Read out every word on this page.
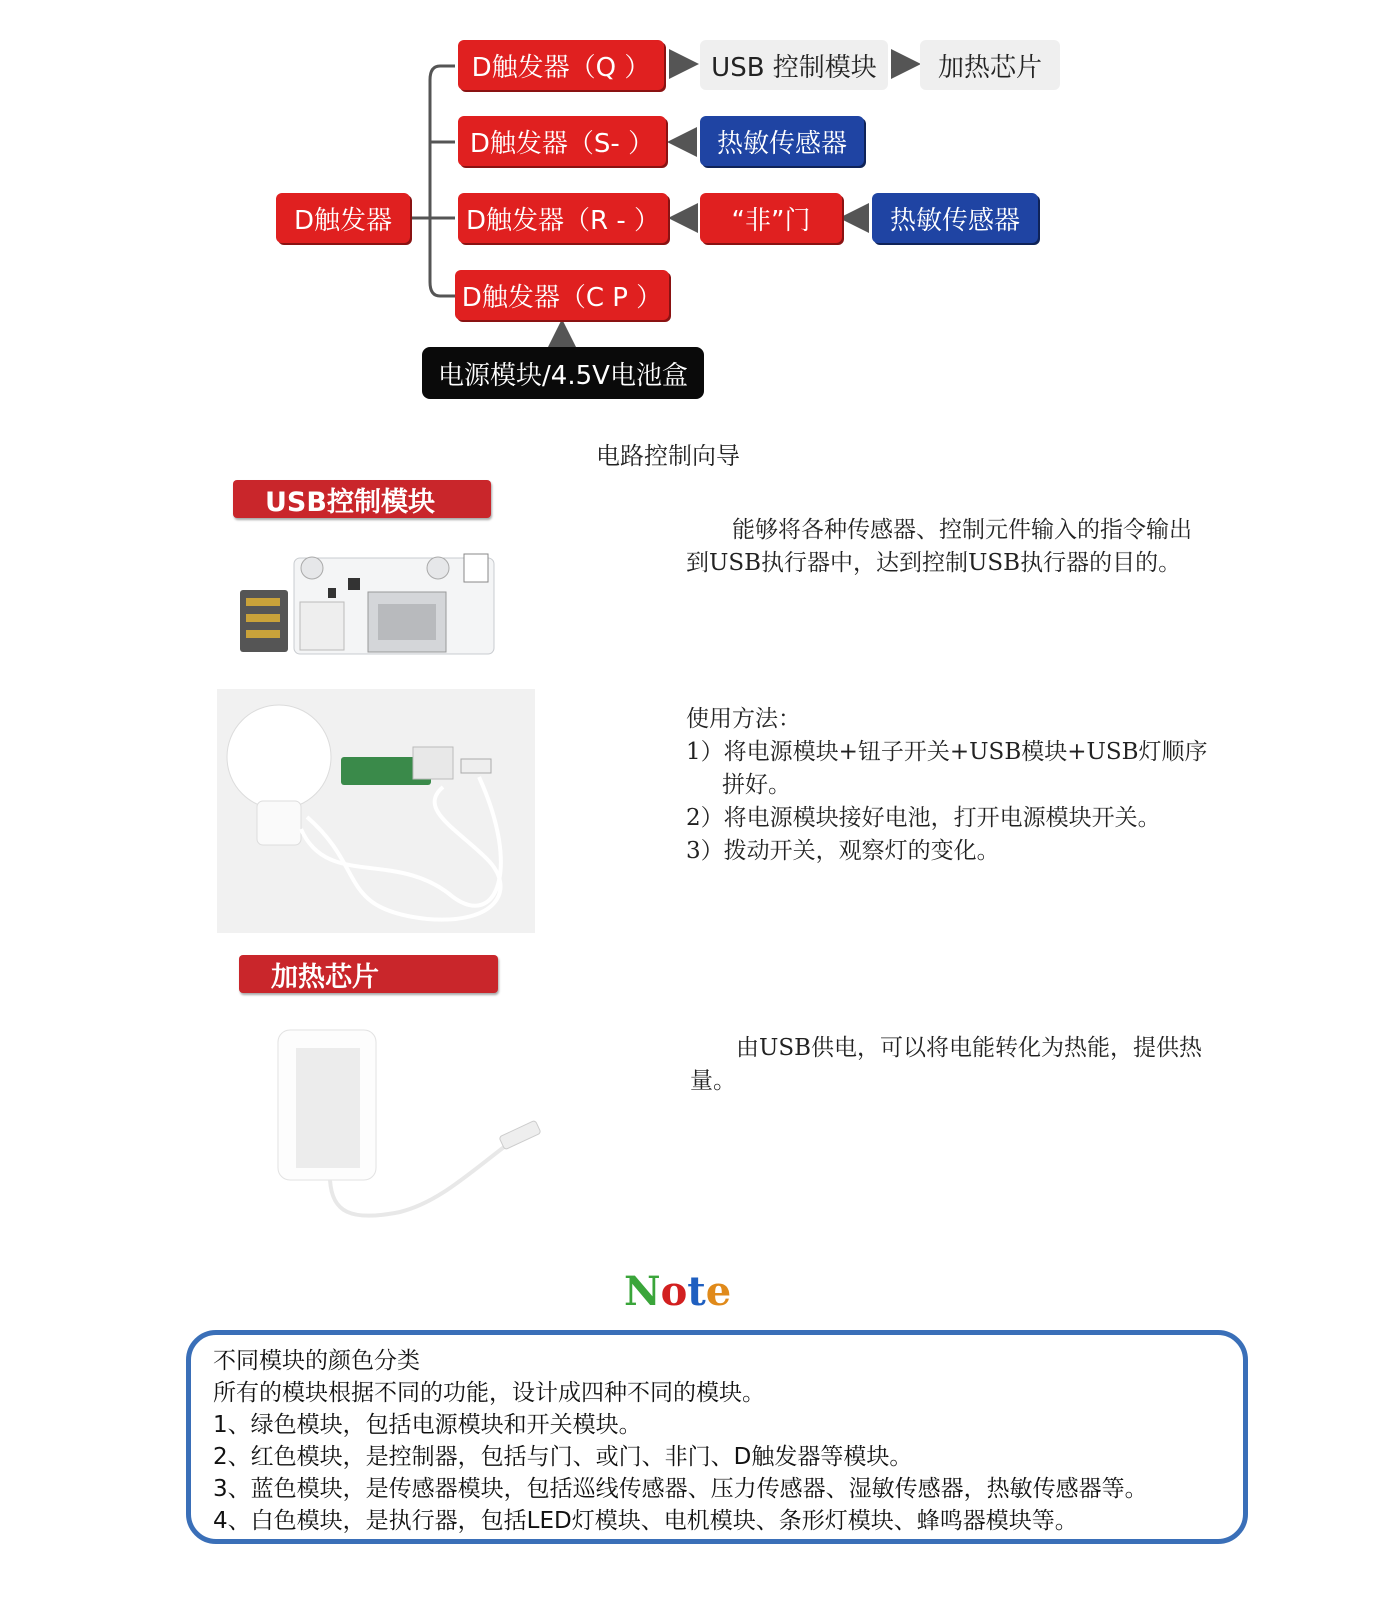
D触发器
D触发器（Q ）
D触发器（S- ）
D触发器（R - ）
D触发器（C P ）
USB 控制模块	加热芯片
热敏传感器
“非”门	热敏传感器
电源模块/4.5V电池盒
电路控制向导
USB控制模块

能够将各种传感器、控制元件输入的指令输出到USB执行器中，达到控制USB执行器的目的。

使用方法：

1）将电源模块+钮子开关+USB模块+USB灯顺序拼好。

2）将电源模块接好电池，打开电源模块开关。

3）拨动开关，观察灯的变化。

加热芯片

由USB供电，可以将电能转化为热能，提供热量。

Note

不同模块的颜色分类

所有的模块根据不同的功能，设计成四种不同的模块。

1、绿色模块，包括电源模块和开关模块。

2、红色模块，是控制器，包括与门、或门、非门、D触发器等模块。

3、蓝色模块，是传感器模块，包括巡线传感器、压力传感器、湿敏传感器，热敏传感器等。

4、白色模块，是执行器，包括LED灯模块、电机模块、条形灯模块、蜂鸣器模块等。
